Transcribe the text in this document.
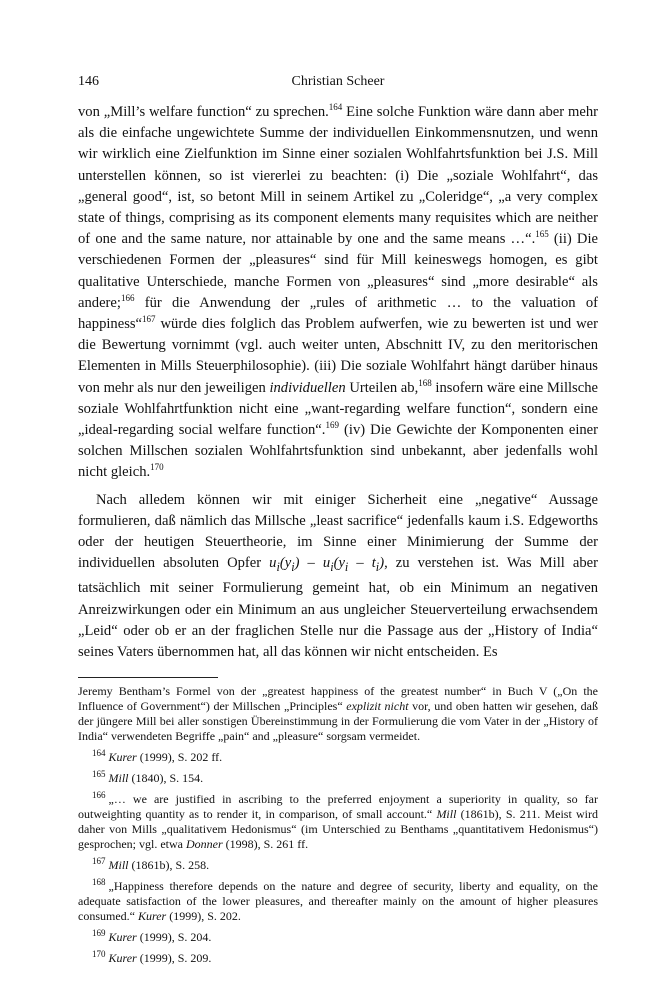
146	Christian Scheer

von „Mill’s welfare function“ zu sprechen.$^{164}$ Eine solche Funktion wäre dann aber mehr als die einfache ungewichtete Summe der individuellen Einkommensnutzen, und wenn wir wirklich eine Zielfunktion im Sinne einer sozialen Wohlfahrtsfunktion bei J.S. Mill unterstellen können, so ist viererlei zu beachten: (i) Die „soziale Wohlfahrt“, das „general good“, ist, so betont Mill in seinem Artikel zu „Coleridge“, „a very complex state of things, comprising as its component elements many requisites which are neither of one and the same nature, nor attainable by one and the same means …“.$^{165}$ (ii) Die verschiedenen Formen der „pleasures“ sind für Mill keineswegs homogen, es gibt qualitative Unterschiede, manche Formen von „pleasures“ sind „more desirable“ als andere;$^{166}$ für die Anwendung der „rules of arithmetic … to the valuation of happiness“$^{167}$ würde dies folglich das Problem aufwerfen, wie zu bewerten ist und wer die Bewertung vornimmt (vgl. auch weiter unten, Abschnitt IV, zu den meritorischen Elementen in Mills Steuerphilosophie). (iii) Die soziale Wohlfahrt hängt darüber hinaus von mehr als nur den jeweiligen individuellen Urteilen ab,$^{168}$ insofern wäre eine Millsche soziale Wohlfahrtfunktion nicht eine „want-regarding welfare function“, sondern eine „ideal-regarding social welfare function“.$^{169}$ (iv) Die Gewichte der Komponenten einer solchen Millschen sozialen Wohlfahrtsfunktion sind unbekannt, aber jedenfalls wohl nicht gleich.$^{170}$

Nach alledem können wir mit einiger Sicherheit eine „negative“ Aussage formulieren, daß nämlich das Millsche „least sacrifice“ jedenfalls kaum i.S. Edgeworths oder der heutigen Steuertheorie, im Sinne einer Minimierung der Summe der individuellen absoluten Opfer $u_i(y_i) - u_i(y_i - t_i)$, zu verstehen ist. Was Mill aber tatsächlich mit seiner Formulierung gemeint hat, ob ein Minimum an negativen Anreizwirkungen oder ein Minimum an aus ungleicher Steuerverteilung erwachsendem „Leid“ oder ob er an der fraglichen Stelle nur die Passage aus der „History of India“ seines Vaters übernommen hat, all das können wir nicht entscheiden. Es

Jeremy Bentham’s Formel von der „greatest happiness of the greatest number“ in Buch V („On the Influence of Government“) der Millschen „Principles“ explizit nicht vor, und oben hatten wir gesehen, daß der jüngere Mill bei aller sonstigen Übereinstimmung in der Formulierung die vom Vater in der „History of India“ verwendeten Begriffe „pain“ and „pleasure“ sorgsam vermeidet.

$^{164}$ Kurer (1999), S. 202 ff.

$^{165}$ Mill (1840), S. 154.

$^{166}$ „… we are justified in ascribing to the preferred enjoyment a superiority in quality, so far outweighting quantity as to render it, in comparison, of small account.“ Mill (1861b), S. 211. Meist wird daher von Mills „qualitativem Hedonismus“ (im Unterschied zu Benthams „quantitativem Hedonismus“) gesprochen; vgl. etwa Donner (1998), S. 261 ff.

$^{167}$ Mill (1861b), S. 258.

$^{168}$ „Happiness therefore depends on the nature and degree of security, liberty and equality, on the adequate satisfaction of the lower pleasures, and thereafter mainly on the amount of higher pleasures consumed.“ Kurer (1999), S. 202.

$^{169}$ Kurer (1999), S. 204.

$^{170}$ Kurer (1999), S. 209.
